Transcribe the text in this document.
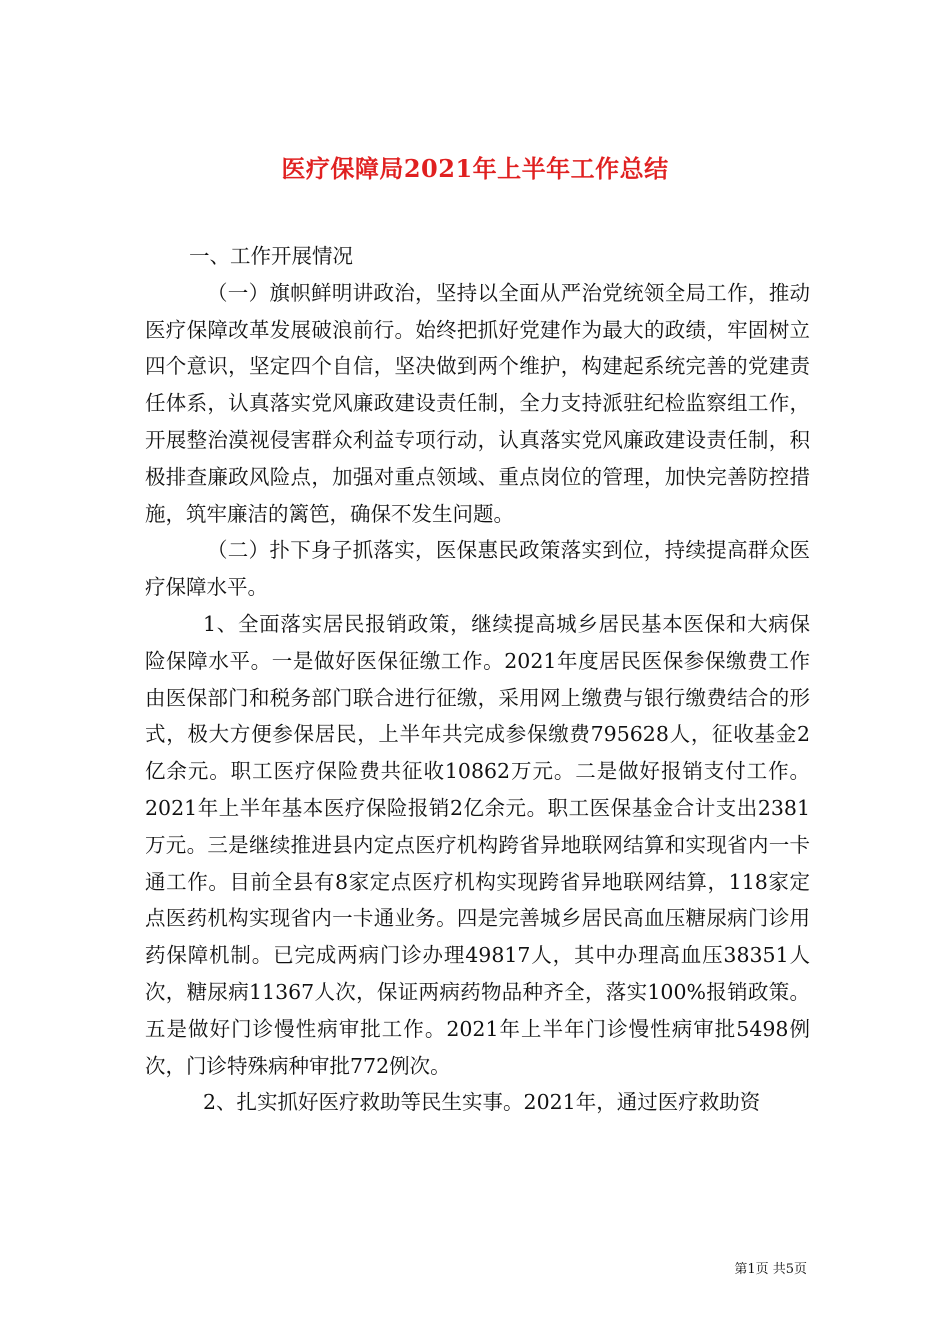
医疗保障局2021年上半年工作总结

一、工作开展情况

（一）旗帜鲜明讲政治，坚持以全面从严治党统领全局工作，推动医疗保障改革发展破浪前行。始终把抓好党建作为最大的政绩，牢固树立四个意识，坚定四个自信，坚决做到两个维护，构建起系统完善的党建责任体系，认真落实党风廉政建设责任制，全力支持派驻纪检监察组工作，开展整治漠视侵害群众利益专项行动，认真落实党风廉政建设责任制，积极排查廉政风险点，加强对重点领域、重点岗位的管理，加快完善防控措施，筑牢廉洁的篱笆，确保不发生问题。

（二）扑下身子抓落实，医保惠民政策落实到位，持续提高群众医疗保障水平。

1、全面落实居民报销政策，继续提高城乡居民基本医保和大病保险保障水平。一是做好医保征缴工作。2021年度居民医保参保缴费工作由医保部门和税务部门联合进行征缴，采用网上缴费与银行缴费结合的形式，极大方便参保居民，上半年共完成参保缴费795628人，征收基金2亿余元。职工医疗保险费共征收10862万元。二是做好报销支付工作。2021年上半年基本医疗保险报销2亿余元。职工医保基金合计支出2381万元。三是继续推进县内定点医疗机构跨省异地联网结算和实现省内一卡通工作。目前全县有8家定点医疗机构实现跨省异地联网结算，118家定点医药机构实现省内一卡通业务。四是完善城乡居民高血压糖尿病门诊用药保障机制。已完成两病门诊办理49817人，其中办理高血压38351人次，糖尿病11367人次，保证两病药物品种齐全，落实100%报销政策。五是做好门诊慢性病审批工作。2021年上半年门诊慢性病审批5498例次，门诊特殊病种审批772例次。

2、扎实抓好医疗救助等民生实事。2021年，通过医疗救助资

第1页 共5页
